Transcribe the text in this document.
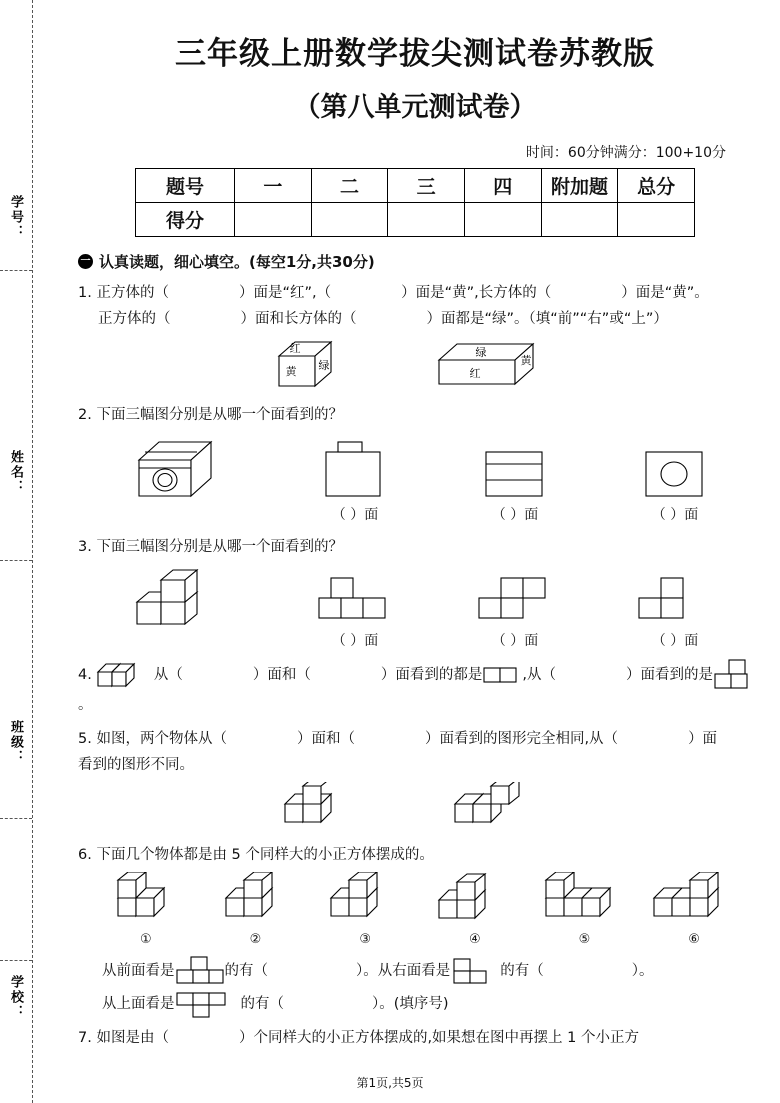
学号：
姓名：
班级：
学校：
三年级上册数学拔尖测试卷苏教版
（第八单元测试卷）
时间：60分钟满分：100+10分
题号	一	二	三	四	附加题	总分
得分						
一 认真读题，细心填空。(每空1分,共30分)
1. 正方体的（	）面是“红”,（	）面是“黄”,长方体的（	）面是“黄”。
正方体的（	）面和长方体的（	）面都是“绿”。（填“前”“右”或“上”）
红
黄 绿
绿
红
黄
2. 下面三幅图分别是从哪一个面看到的？
（ ）面	（ ）面	（ ）面
3. 下面三幅图分别是从哪一个面看到的？
（ ）面	（ ）面	（ ）面
4.	从（	）面和（	）面看到的都是	,从（	）面看到的是
。
5. 如图，两个物体从（	）面和（	）面看到的图形完全相同,从（	）面
看到的图形不同。
6. 下面几个物体都是由 5 个同样大的小正方体摆成的。
①	②	③	④	⑤	⑥
从前面看是	的有（	）。从右面看是	的有（	）。
从上面看是	的有（	）。(填序号)
7. 如图是由（	）个同样大的小正方体摆成的,如果想在图中再摆上 1 个小正方
第1页,共5页
